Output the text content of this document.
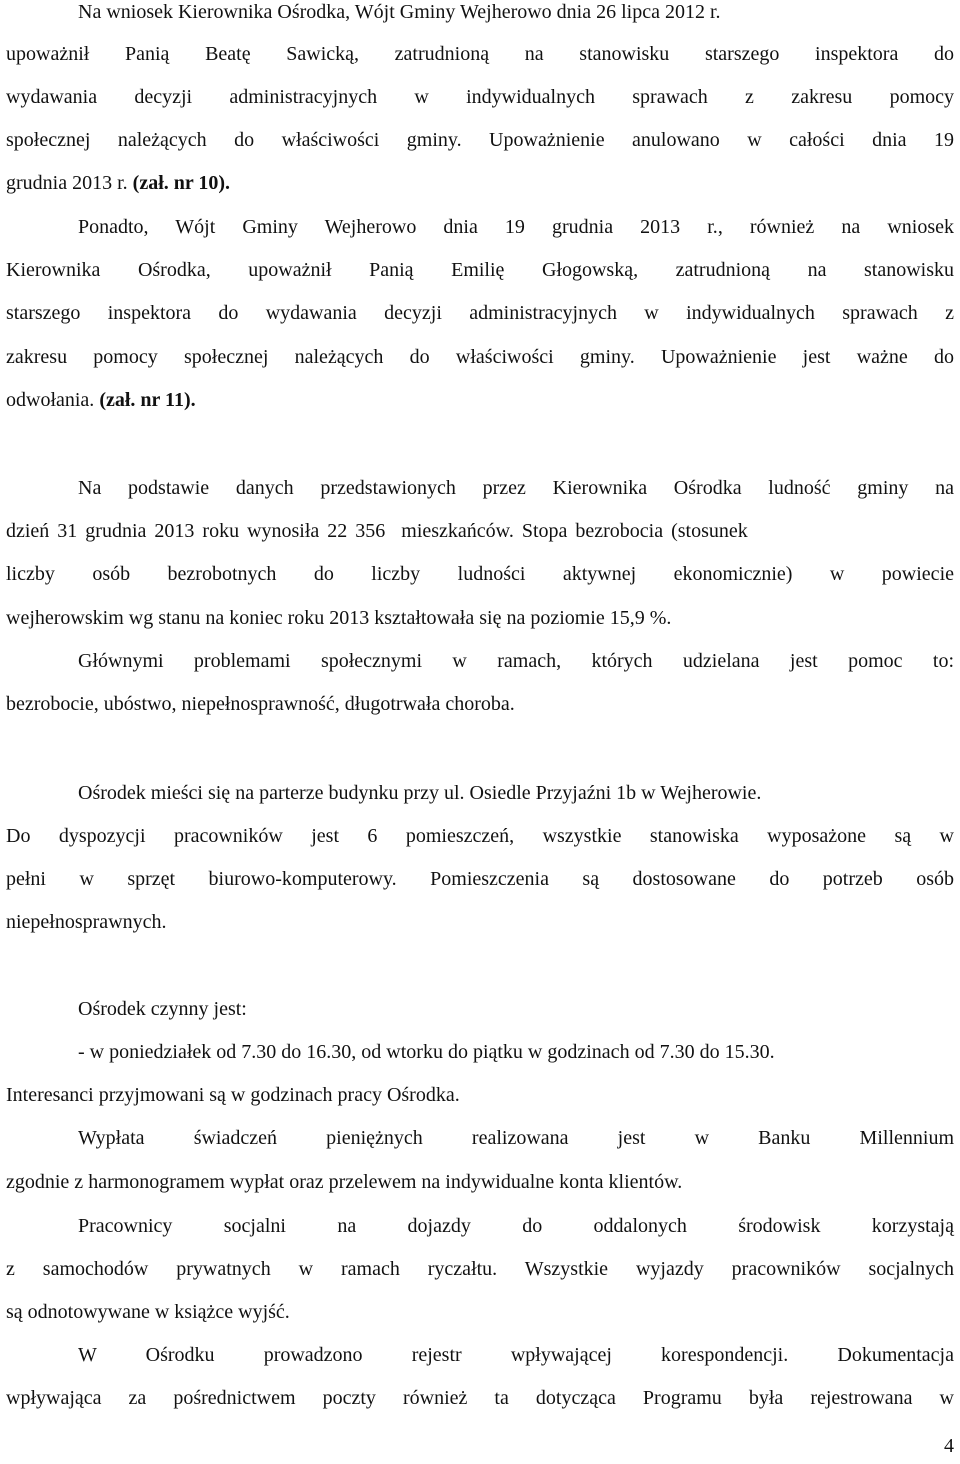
Na wniosek Kierownika Ośrodka, Wójt Gminy Wejherowo dnia 26 lipca 2012 r.
upoważnił Panią Beatę Sawicką, zatrudnioną na stanowisku starszego inspektora do
wydawania decyzji administracyjnych w indywidualnych sprawach z zakresu pomocy
społecznej należących do właściwości gminy. Upoważnienie anulowano w całości dnia 19
grudnia 2013 r. (zał. nr 10).
Ponadto, Wójt Gminy Wejherowo dnia 19 grudnia 2013 r., również na wniosek
Kierownika Ośrodka, upoważnił Panią Emilię Głogowską, zatrudnioną na stanowisku
starszego inspektora do wydawania decyzji administracyjnych w indywidualnych sprawach z
zakresu pomocy społecznej należących do właściwości gminy. Upoważnienie jest ważne do
odwołania. (zał. nr 11).
Na podstawie danych przedstawionych przez Kierownika Ośrodka ludność gminy na
dzień 31 grudnia 2013 roku wynosiła 22 356  mieszkańców. Stopa bezrobocia (stosunek
liczby osób bezrobotnych do liczby ludności aktywnej ekonomicznie) w powiecie
wejherowskim wg stanu na koniec roku 2013 kształtowała się na poziomie 15,9 %.
Głównymi problemami społecznymi w ramach, których udzielana jest pomoc to:
bezrobocie, ubóstwo, niepełnosprawność, długotrwała choroba.
Ośrodek mieści się na parterze budynku przy ul. Osiedle Przyjaźni 1b w Wejherowie.
Do dyspozycji pracowników jest 6 pomieszczeń, wszystkie stanowiska wyposażone są w
pełni w sprzęt biurowo-komputerowy. Pomieszczenia są dostosowane do potrzeb osób
niepełnosprawnych.
Ośrodek czynny jest:
- w poniedziałek od 7.30 do 16.30, od wtorku do piątku w godzinach od 7.30 do 15.30.
Interesanci przyjmowani są w godzinach pracy Ośrodka.
Wypłata świadczeń pieniężnych realizowana jest w Banku Millennium
zgodnie z harmonogramem wypłat oraz przelewem na indywidualne konta klientów.
Pracownicy socjalni na dojazdy do oddalonych środowisk korzystają
z samochodów prywatnych w ramach ryczałtu. Wszystkie wyjazdy pracowników socjalnych
są odnotowywane w książce wyjść.
W Ośrodku prowadzono rejestr wpływającej korespondencji. Dokumentacja
wpływająca za pośrednictwem poczty również ta dotycząca Programu była rejestrowana w
4
